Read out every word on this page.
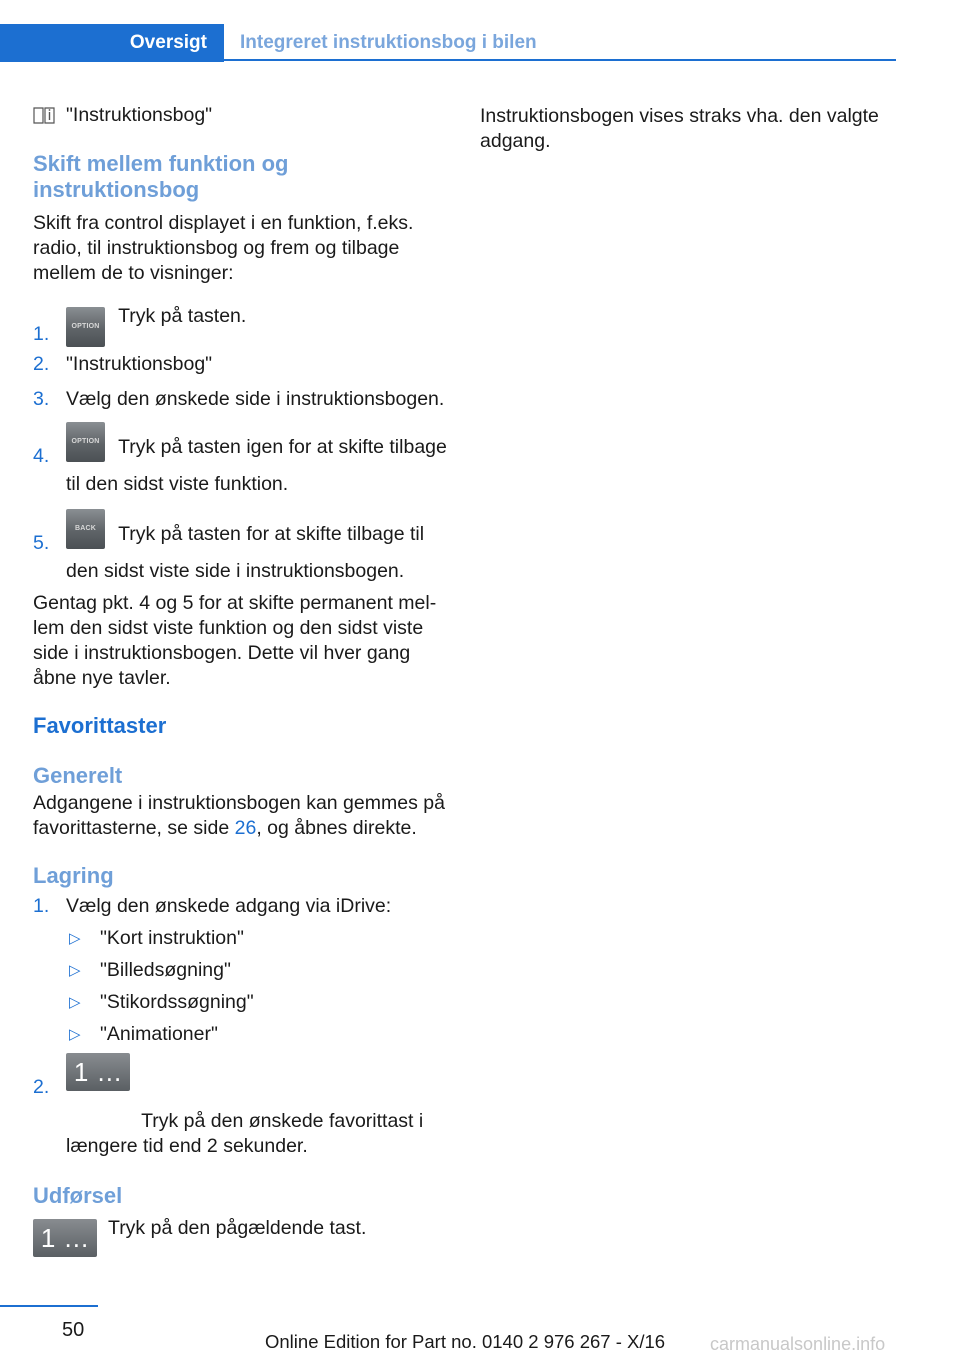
Oversigt	Integreret instruktionsbog i bilen
"Instruktionsbog"
Skift mellem funktion og instruktionsbog

Skift fra control displayet i en funktion, f.eks. radio, til instruktionsbog og frem og tilbage mellem de to visninger:

1.	OPTION Tryk på tasten.
2. "Instruktionsbog"
3. Vælg den ønskede side i instruktionsbogen.
4.
OPTION Tryk på tasten igen for at skifte tilbage til den sidst viste funktion.
5.
BACK Tryk på tasten for at skifte tilbage til den sidst viste side i instruktionsbogen.

Gentag pkt. 4 og 5 for at skifte permanent mellem den sidst viste funktion og den sidst viste side i instruktionsbogen. Dette vil hver gang åbne nye tavler.

Favorittaster
Generelt

Adgangene i instruktionsbogen kan gemmes på favorittasterne, se side 26, og åbnes direkte.

Lagring
1. Vælg den ønskede adgang via iDrive:
▷ "Kort instruktion"
▷ "Billedsøgning"
▷ "Stikordssøgning"
▷ "Animationer"
2. 1 ... 7 Tryk på den ønskede favorittast i længere tid end 2 sekunder.
Udførsel
1 ... 7
Tryk på den pågældende tast.

Instruktionsbogen vises straks vha. den valgte adgang.

50
Online Edition for Part no. 0140 2 976 267 - X/16 carmanualsonline.info
